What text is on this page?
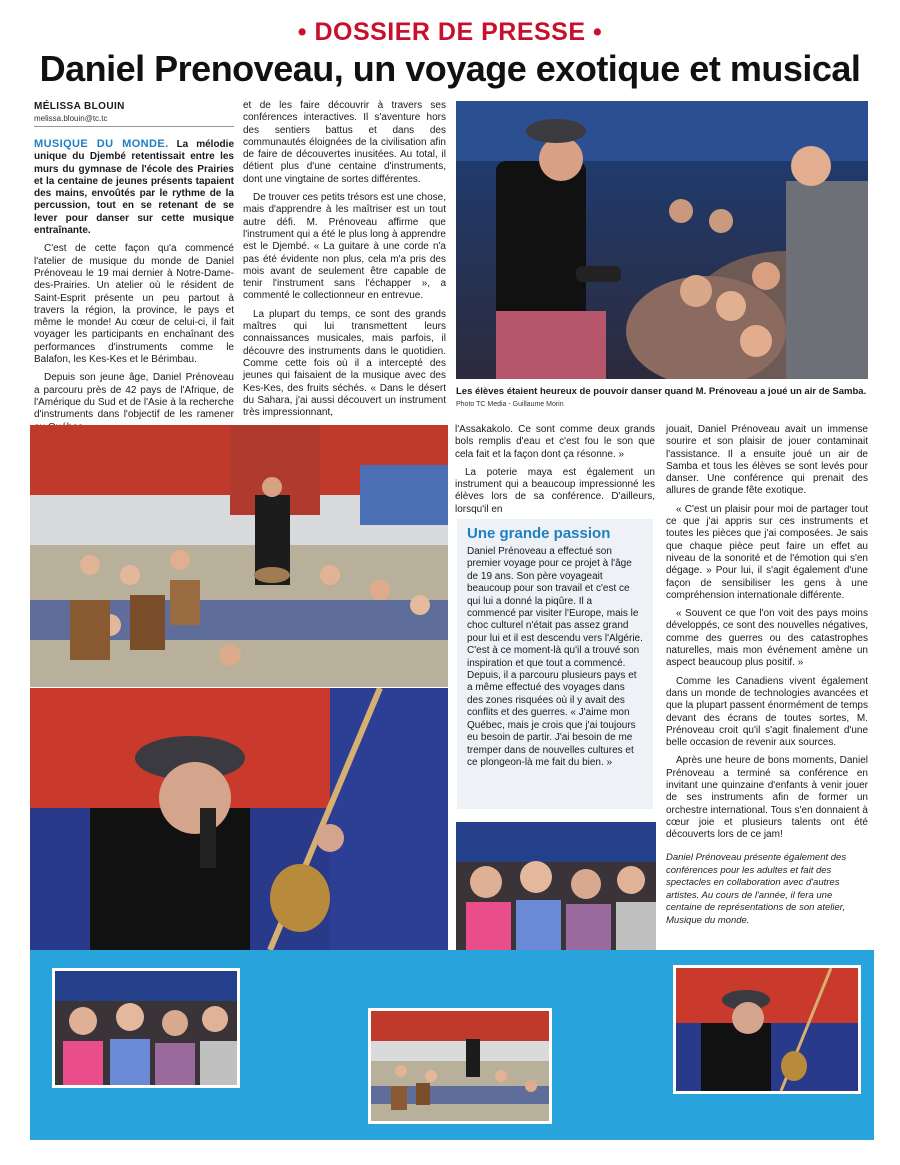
• DOSSIER DE PRESSE •
Daniel Prenoveau, un voyage exotique et musical
MÉLISSA BLOUIN
melissa.blouin@tc.tc

MUSIQUE DU MONDE. La mélodie unique du Djembé retentissait entre les murs du gymnase de l'école des Prairies et la centaine de jeunes présents tapaient des mains, envoûtés par le rythme de la percussion, tout en se retenant de se lever pour danser sur cette musique entraînante.

C'est de cette façon qu'a commencé l'atelier de musique du monde de Daniel Prénoveau le 19 mai dernier à Notre-Dame-des-Prairies. Un atelier où le résident de Saint-Esprit présente un peu partout à travers la région, la province, le pays et même le monde! Au cœur de celui-ci, il fait voyager les participants en enchaînant des performances d'instruments comme le Balafon, les Kes-Kes et le Bérimbau.

Depuis son jeune âge, Daniel Prénoveau a parcouru près de 42 pays de l'Afrique, de l'Amérique du Sud et de l'Asie à la recherche d'instruments dans l'objectif de les ramener

et de les faire découvrir à travers ses conférences interactives. Il s'aventure hors des sentiers battus et dans des communautés éloignées de la civilisation afin de faire de découvertes inusitées. Au total, il détient plus d'une centaine d'instruments, dont une vingtaine de sortes différentes.

De trouver ces petits trésors est une chose, mais d'apprendre à les maîtriser est un tout autre défi. M. Prénoveau affirme que l'instrument qui a été le plus long à apprendre est le Djembé. « La guitare à une corde n'a pas été évidente non plus, cela m'a pris des mois avant de seulement être capable de tenir l'instrument sans l'échapper », a commenté le collectionneur en entrevue.

La plupart du temps, ce sont des grands maîtres qui lui transmettent leurs connaissances musicales, mais parfois, il découvre des instruments dans le quotidien. Comme cette fois où il a intercepté des jeunes qui faisaient de la musique avec des Kes-Kes, des fruits séchés. « Dans le désert du Sahara, j'ai aussi découvert un instrument très impressionnant,

Les élèves étaient heureux de pouvoir danser quand M. Prénoveau a joué un air de Samba. Photo TC Media - Guillaume Morin

l'Assakakolo. Ce sont comme deux grands bols remplis d'eau et c'est fou le son que cela fait et la façon dont ça résonne. »

La poterie maya est également un instrument qui a beaucoup impressionné les élèves lors de sa conférence. D'ailleurs, lorsqu'il en

Une grande passion

Daniel Prénoveau a effectué son premier voyage pour ce projet à l'âge de 19 ans. Son père voyageait beaucoup pour son travail et c'est ce qui lui a donné la piqûre. Il a commencé par visiter l'Europe, mais le choc culturel n'était pas assez grand pour lui et il est descendu vers l'Algérie. C'est à ce moment-là qu'il a trouvé son inspiration et que tout a commencé. Depuis, il a parcouru plusieurs pays et a même effectué des voyages dans des zones risquées où il y avait des conflits et des guerres. « J'aime mon Québec, mais je crois que j'ai toujours eu besoin de partir. J'ai besoin de me tremper dans de nouvelles cultures et ce plongeon-là me fait du bien. »

jouait, Daniel Prénoveau avait un immense sourire et son plaisir de jouer contaminait l'assistance. Il a ensuite joué un air de Samba et tous les élèves se sont levés pour danser. Une conférence qui prenait des allures de grande fête exotique.

« C'est un plaisir pour moi de partager tout ce que j'ai appris sur ces instruments et toutes les pièces que j'ai composées. Je sais que chaque pièce peut faire un effet au niveau de la sonorité et de l'émotion qui s'en dégage. » Pour lui, il s'agit également d'une façon de sensibiliser les gens à une compréhension internationale différente.

« Souvent ce que l'on voit des pays moins développés, ce sont des nouvelles négatives, comme des guerres ou des catastrophes naturelles, mais mon événement amène un aspect beaucoup plus positif. »

Comme les Canadiens vivent également dans un monde de technologies avancées et que la plupart passent énormément de temps devant des écrans de toutes sortes, M. Prénoveau croit qu'il s'agit finalement d'une belle occasion de revenir aux sources.

Après une heure de bons moments, Daniel Prénoveau a terminé sa conférence en invitant une quinzaine d'enfants à venir jouer de ses instruments afin de former un orchestre international. Tous s'en donnaient à cœur joie et plusieurs talents ont été découverts lors de ce jam!

Daniel Prénoveau présente également des conférences pour les adultes et fait des spectacles en collaboration avec d'autres artistes. Au cours de l'année, il fera une centaine de représentations de son atelier, Musique du monde.
